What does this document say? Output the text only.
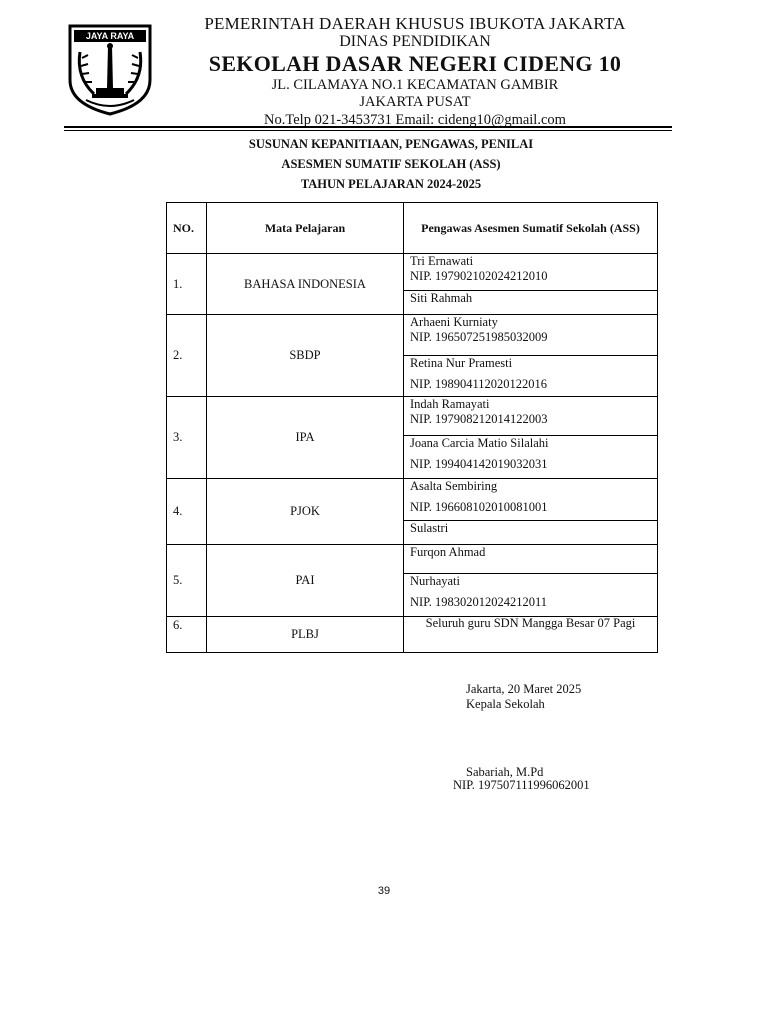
JAYA RAYA
PEMERINTAH DAERAH KHUSUS IBUKOTA JAKARTA
DINAS PENDIDIKAN
SEKOLAH DASAR NEGERI CIDENG 10
JL. CILAMAYA NO.1 KECAMATAN GAMBIR
JAKARTA PUSAT
No.Telp 021-3453731 Email: cideng10@gmail.com
SUSUNAN KEPANITIAAN, PENGAWAS, PENILAI
ASESMEN SUMATIF SEKOLAH (ASS)
TAHUN PELAJARAN 2024-2025
NO.	Mata Pelajaran	Pengawas Asesmen Sumatif Sekolah (ASS)
1.	BAHASA INDONESIA	Tri Ernawati
NIP. 197902102024212010

		Siti Rahmah

2.	SBDP	Arhaeni Kurniaty
NIP. 196507251985032009

		Retina Nur Pramesti
NIP. 198904112020122016

3.	IPA	Indah Ramayati
NIP. 197908212014122003

		Joana Carcia Matio Silalahi
NIP. 199404142019032031

4.	PJOK	Asalta Sembiring
NIP. 196608102010081001

		Sulastri

5.	PAI	Furqon Ahmad

		Nurhayati
NIP. 198302012024212011

6.	PLBJ	Seluruh guru SDN Mangga Besar 07 Pagi
Jakarta, 20 Maret 2025
Kepala Sekolah
Sabariah, M.Pd
NIP. 197507111996062001
39
